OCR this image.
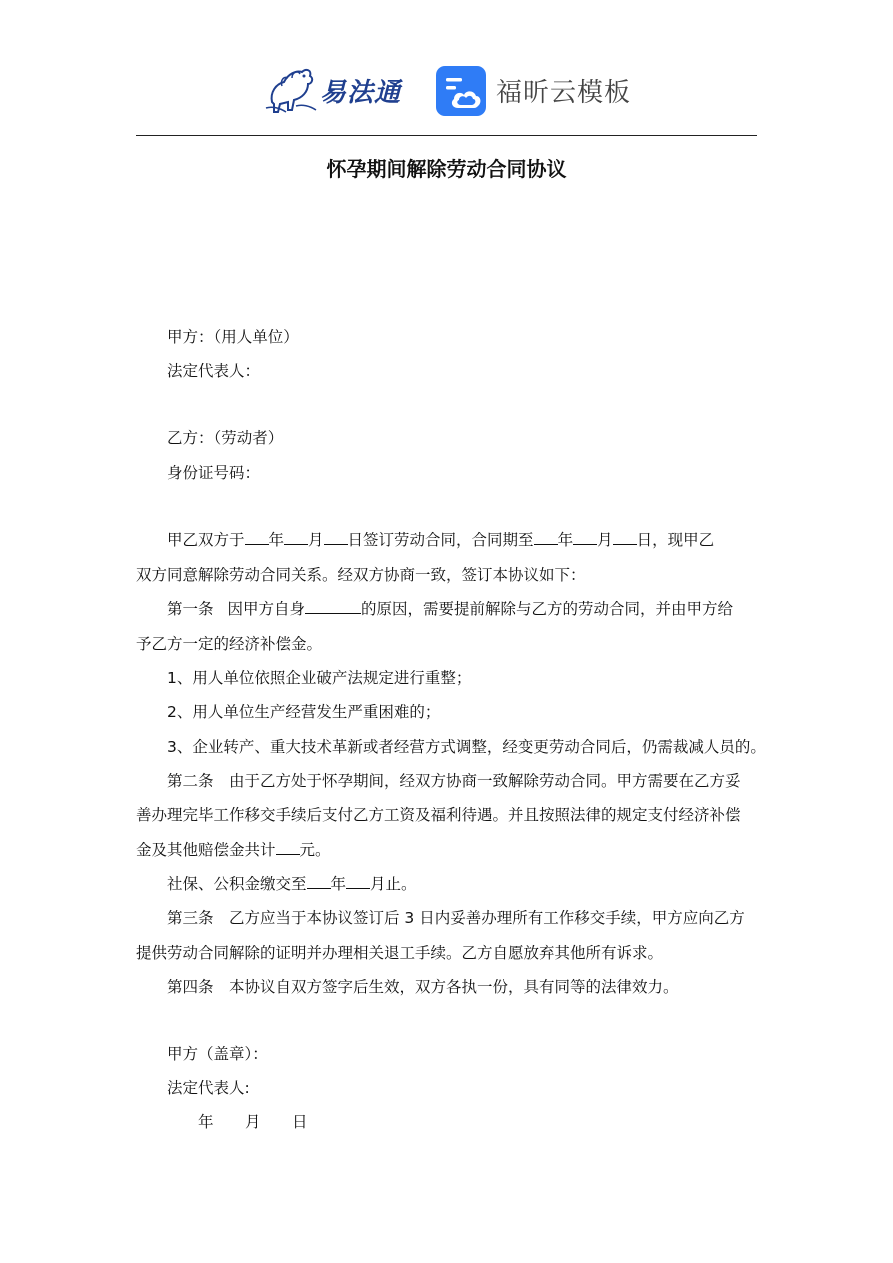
易法通	福昕云模板
怀孕期间解除劳动合同协议
甲方：（用人单位）
法定代表人：
乙方：（劳动者）
身份证号码：
甲乙双方于 年 月 日签订劳动合同，合同期至 年 月 日，现甲乙
双方同意解除劳动合同关系。经双方协商一致，签订本协议如下：
第一条 因甲方自身	的原因，需要提前解除与乙方的劳动合同，并由甲方给
予乙方一定的经济补偿金。
1、用人单位依照企业破产法规定进行重整；
2、用人单位生产经营发生严重困难的；
3、企业转产、重大技术革新或者经营方式调整，经变更劳动合同后，仍需裁减人员的。
第二条　由于乙方处于怀孕期间，经双方协商一致解除劳动合同。甲方需要在乙方妥
善办理完毕工作移交手续后支付乙方工资及福利待遇。并且按照法律的规定支付经济补偿
金及其他赔偿金共计 元。
社保、公积金缴交至 年 月止。
第三条　乙方应当于本协议签订后 3 日内妥善办理所有工作移交手续，甲方应向乙方
提供劳动合同解除的证明并办理相关退工手续。乙方自愿放弃其他所有诉求。
第四条　本协议自双方签字后生效，双方各执一份，具有同等的法律效力。
甲方（盖章）：
法定代表人:
年 月 日
